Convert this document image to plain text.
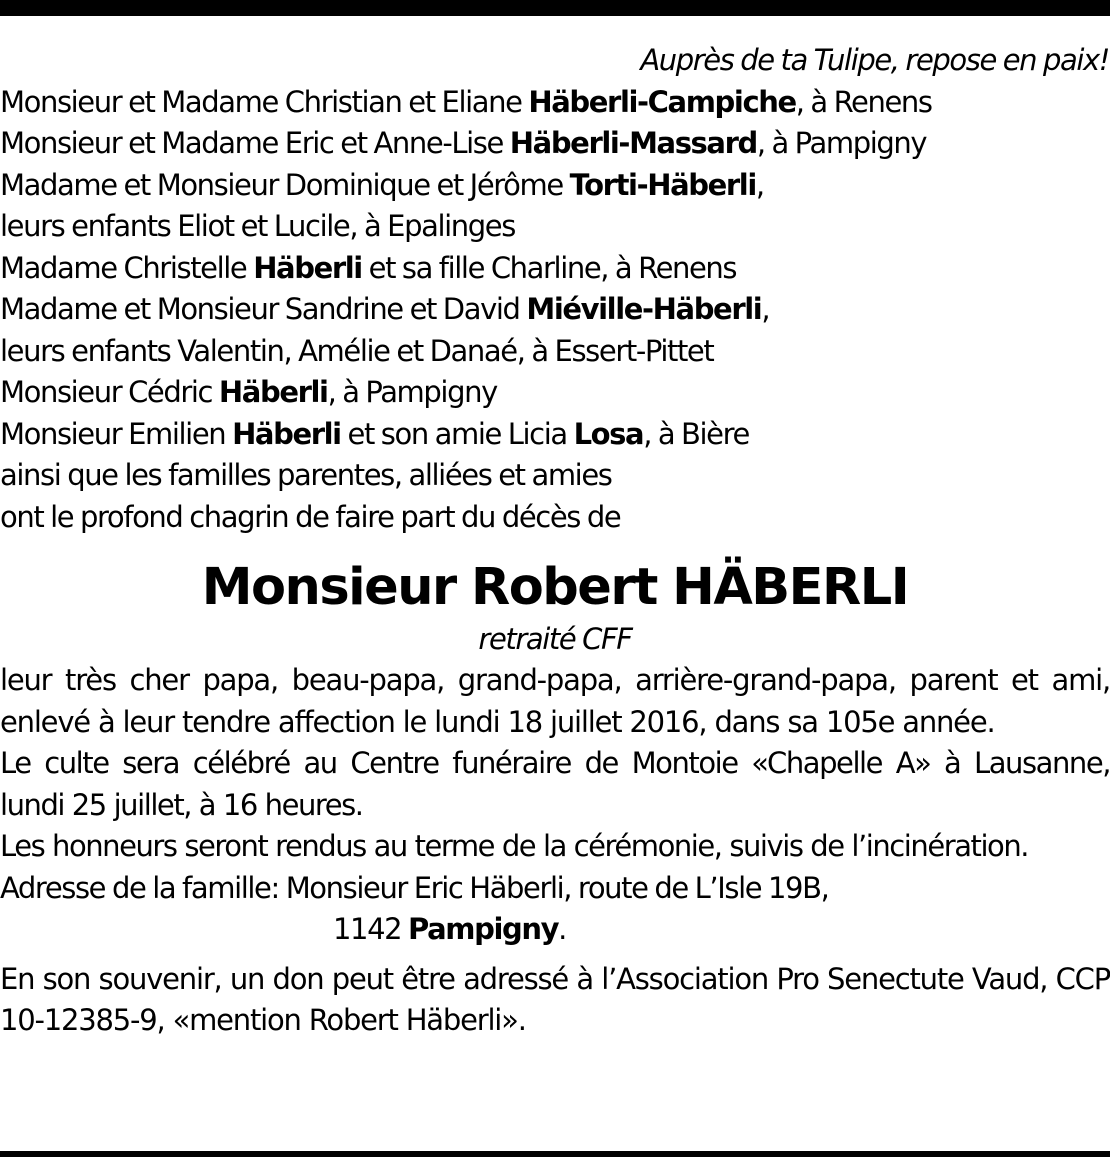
Auprès de ta Tulipe, repose en paix!
Monsieur et Madame Christian et Eliane Häberli-Campiche, à Renens
Monsieur et Madame Eric et Anne-Lise Häberli-Massard, à Pampigny
Madame et Monsieur Dominique et Jérôme Torti-Häberli,
leurs enfants Eliot et Lucile, à Epalinges
Madame Christelle Häberli et sa fille Charline, à Renens
Madame et Monsieur Sandrine et David Miéville-Häberli,
leurs enfants Valentin, Amélie et Danaé, à Essert-Pittet
Monsieur Cédric Häberli, à Pampigny
Monsieur Emilien Häberli et son amie Licia Losa, à Bière
ainsi que les familles parentes, alliées et amies
ont le profond chagrin de faire part du décès de
Monsieur Robert HÄBERLI
retraité CFF

leur très cher papa, beau-papa, grand-papa, arrière-grand-papa, parent et ami, enlevé à leur tendre affection le lundi 18 juillet 2016, dans sa 105e année.

Le culte sera célébré au Centre funéraire de Montoie «Chapelle A» à Lausanne, lundi 25 juillet, à 16 heures.

Les honneurs seront rendus au terme de la cérémonie, suivis de l’incinération.

Adresse de la famille: Monsieur Eric Häberli, route de L’Isle 19B,
1142 Pampigny.

En son souvenir, un don peut être adressé à l’Association Pro Senectute Vaud, CCP 10-12385-9, «mention Robert Häberli».
